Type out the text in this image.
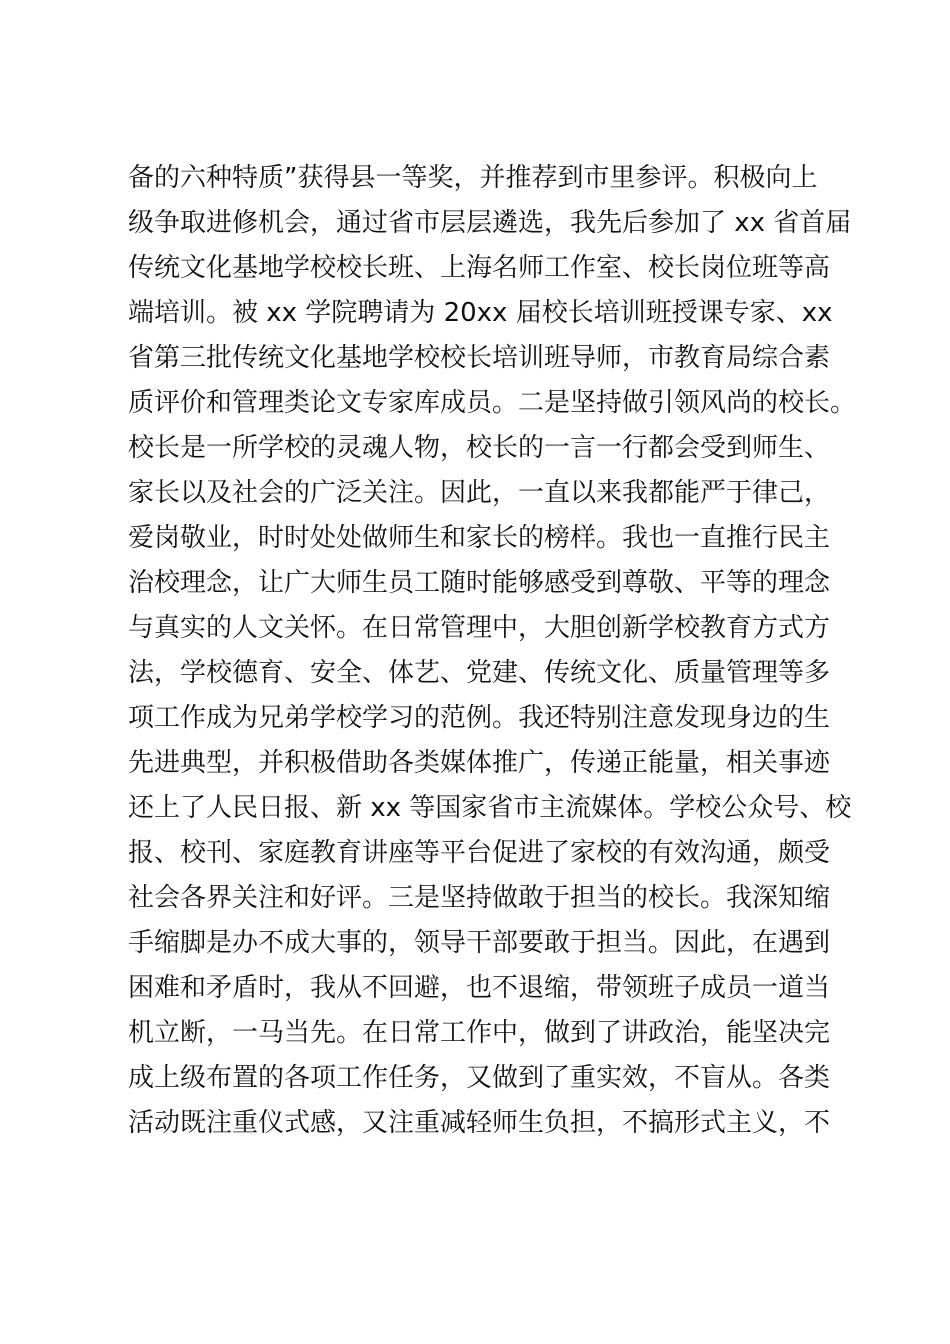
备的六种特质”获得县一等奖，并推荐到市里参评。积极向上
级争取进修机会，通过省市层层遴选，我先后参加了 xx 省首届
传统文化基地学校校长班、上海名师工作室、校长岗位班等高
端培训。被 xx 学院聘请为 20xx 届校长培训班授课专家、xx
省第三批传统文化基地学校校长培训班导师，市教育局综合素
质评价和管理类论文专家库成员。二是坚持做引领风尚的校长。
校长是一所学校的灵魂人物，校长的一言一行都会受到师生、
家长以及社会的广泛关注。因此，一直以来我都能严于律己，
爱岗敬业，时时处处做师生和家长的榜样。我也一直推行民主
治校理念，让广大师生员工随时能够感受到尊敬、平等的理念
与真实的人文关怀。在日常管理中，大胆创新学校教育方式方
法，学校德育、安全、体艺、党建、传统文化、质量管理等多
项工作成为兄弟学校学习的范例。我还特别注意发现身边的生
先进典型，并积极借助各类媒体推广，传递正能量，相关事迹
还上了人民日报、新 xx 等国家省市主流媒体。学校公众号、校
报、校刊、家庭教育讲座等平台促进了家校的有效沟通，颇受
社会各界关注和好评。三是坚持做敢于担当的校长。我深知缩
手缩脚是办不成大事的，领导干部要敢于担当。因此，在遇到
困难和矛盾时，我从不回避，也不退缩，带领班子成员一道当
机立断，一马当先。在日常工作中，做到了讲政治，能坚决完
成上级布置的各项工作任务，又做到了重实效，不盲从。各类
活动既注重仪式感，又注重减轻师生负担，不搞形式主义，不
